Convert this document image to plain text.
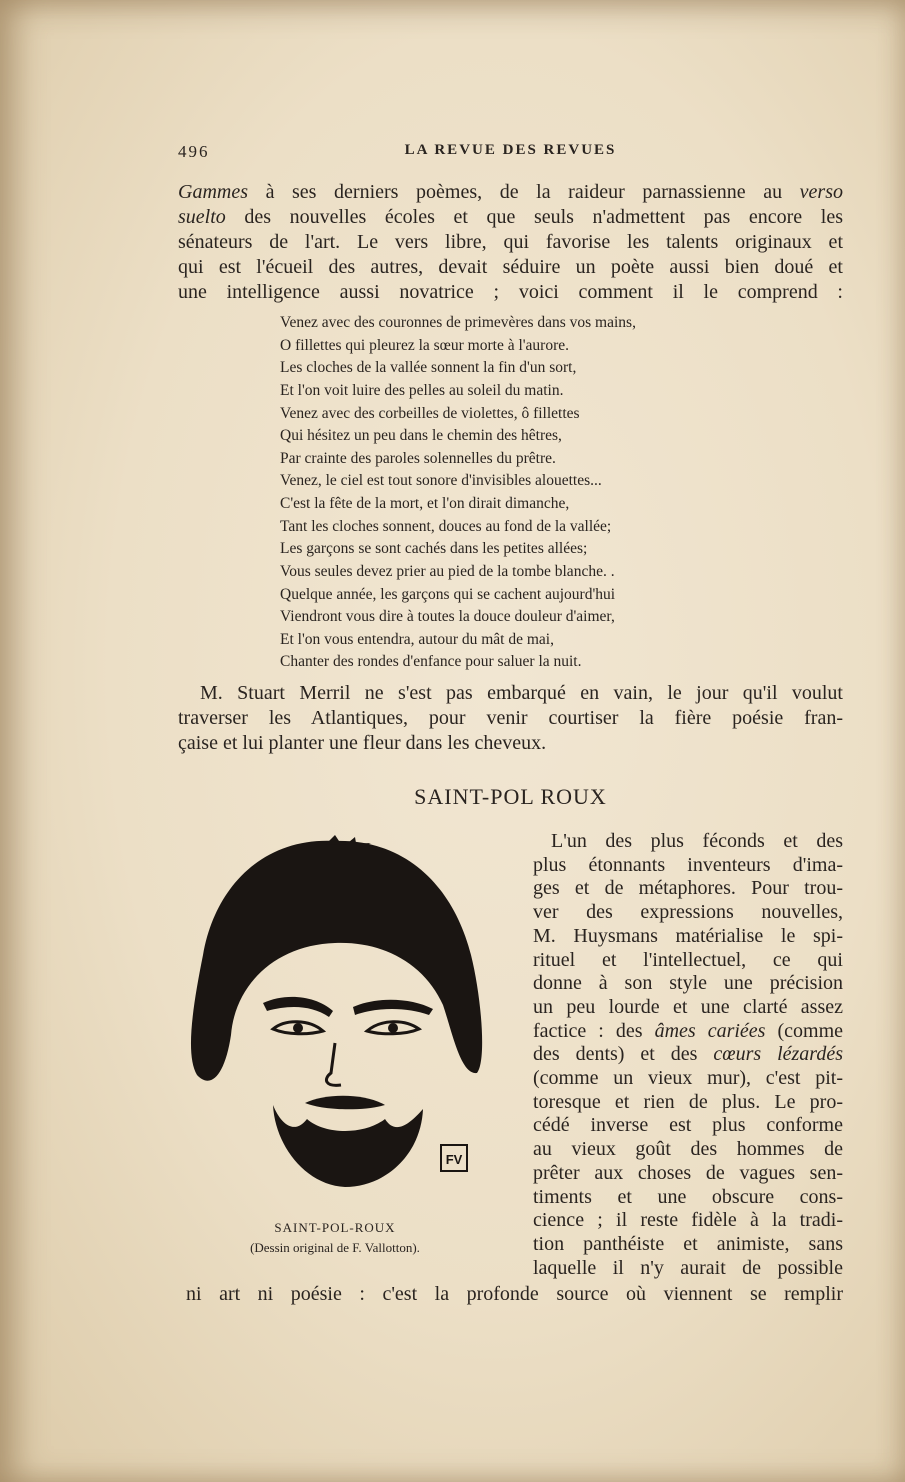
496	LA REVUE DES REVUES
Gammes à ses derniers poèmes, de la raideur parnassienne au verso
suelto des nouvelles écoles et que seuls n'admettent pas encore les
sénateurs de l'art. Le vers libre, qui favorise les talents originaux et
qui est l'écueil des autres, devait séduire un poète aussi bien doué et
une intelligence aussi novatrice ; voici comment il le comprend :
Venez avec des couronnes de primevères dans vos mains,
O fillettes qui pleurez la sœur morte à l'aurore.
Les cloches de la vallée sonnent la fin d'un sort,
Et l'on voit luire des pelles au soleil du matin.
Venez avec des corbeilles de violettes, ô fillettes
Qui hésitez un peu dans le chemin des hêtres,
Par crainte des paroles solennelles du prêtre.
Venez, le ciel est tout sonore d'invisibles alouettes...
C'est la fête de la mort, et l'on dirait dimanche,
Tant les cloches sonnent, douces au fond de la vallée;
Les garçons se sont cachés dans les petites allées;
Vous seules devez prier au pied de la tombe blanche. .
Quelque année, les garçons qui se cachent aujourd'hui
Viendront vous dire à toutes la douce douleur d'aimer,
Et l'on vous entendra, autour du mât de mai,
Chanter des rondes d'enfance pour saluer la nuit.
M. Stuart Merril ne s'est pas embarqué en vain, le jour qu'il voulut
traverser les Atlantiques, pour venir courtiser la fière poésie fran-
çaise et lui planter une fleur dans les cheveux.
SAINT-POL ROUX
FV
SAINT-POL-ROUX
(Dessin original de F. Vallotton).
L'un des plus féconds et des
plus étonnants inventeurs d'ima-
ges et de métaphores. Pour trou-
ver des expressions nouvelles,
M. Huysmans matérialise le spi-
rituel et l'intellectuel, ce qui
donne à son style une précision
un peu lourde et une clarté assez
factice : des âmes cariées (comme
des dents) et des cœurs lézardés
(comme un vieux mur), c'est pit-
toresque et rien de plus. Le pro-
cédé inverse est plus conforme
au vieux goût des hommes de
prêter aux choses de vagues sen-
timents et une obscure cons-
cience ; il reste fidèle à la tradi-
tion panthéiste et animiste, sans
laquelle il n'y aurait de possible
ni art ni poésie : c'est la profonde source où viennent se remplir
